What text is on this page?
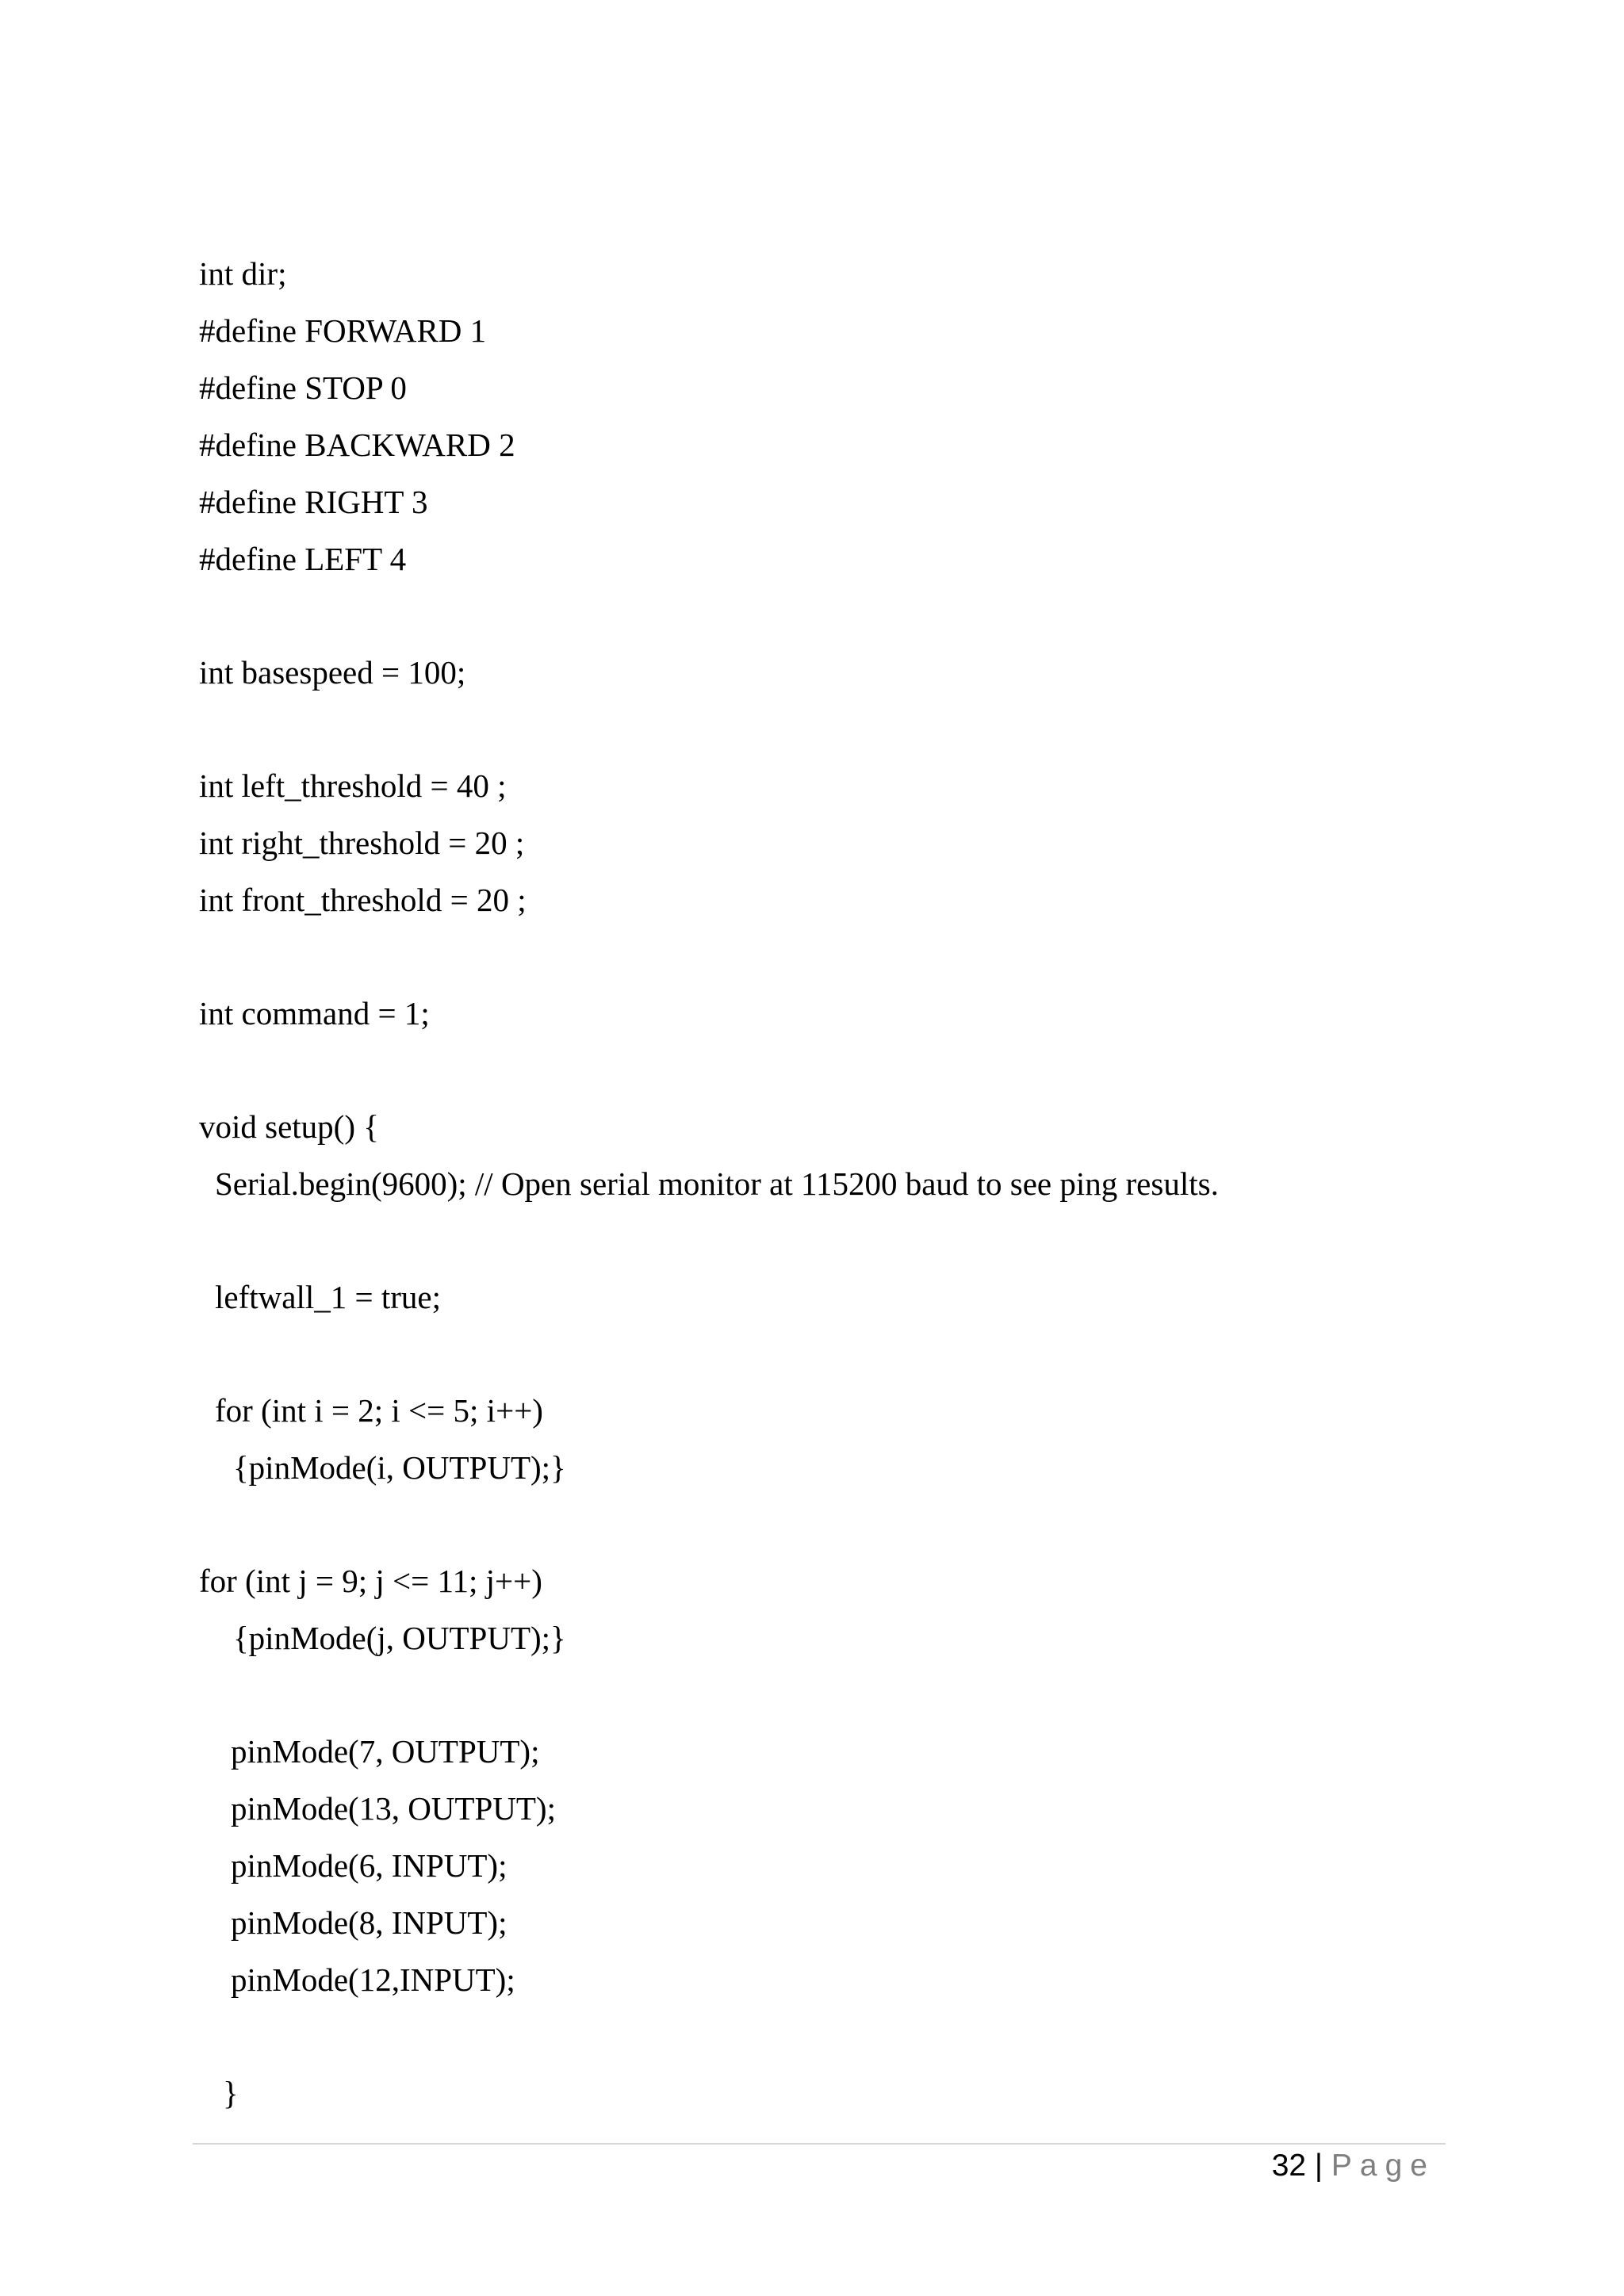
int dir;
#define FORWARD 1
#define STOP 0
#define BACKWARD 2
#define RIGHT 3
#define LEFT 4
int basespeed = 100;
int left_threshold = 40 ;
int right_threshold = 20 ;
int front_threshold = 20 ;
int command = 1;
void setup() {
Serial.begin(9600); // Open serial monitor at 115200 baud to see ping results.
leftwall_1 = true;
for (int i = 2; i <= 5; i++)
{pinMode(i, OUTPUT);}
for (int j = 9; j <= 11; j++)
{pinMode(j, OUTPUT);}
pinMode(7, OUTPUT);
pinMode(13, OUTPUT);
pinMode(6, INPUT);
pinMode(8, INPUT);
pinMode(12,INPUT);
}
32 | Page
